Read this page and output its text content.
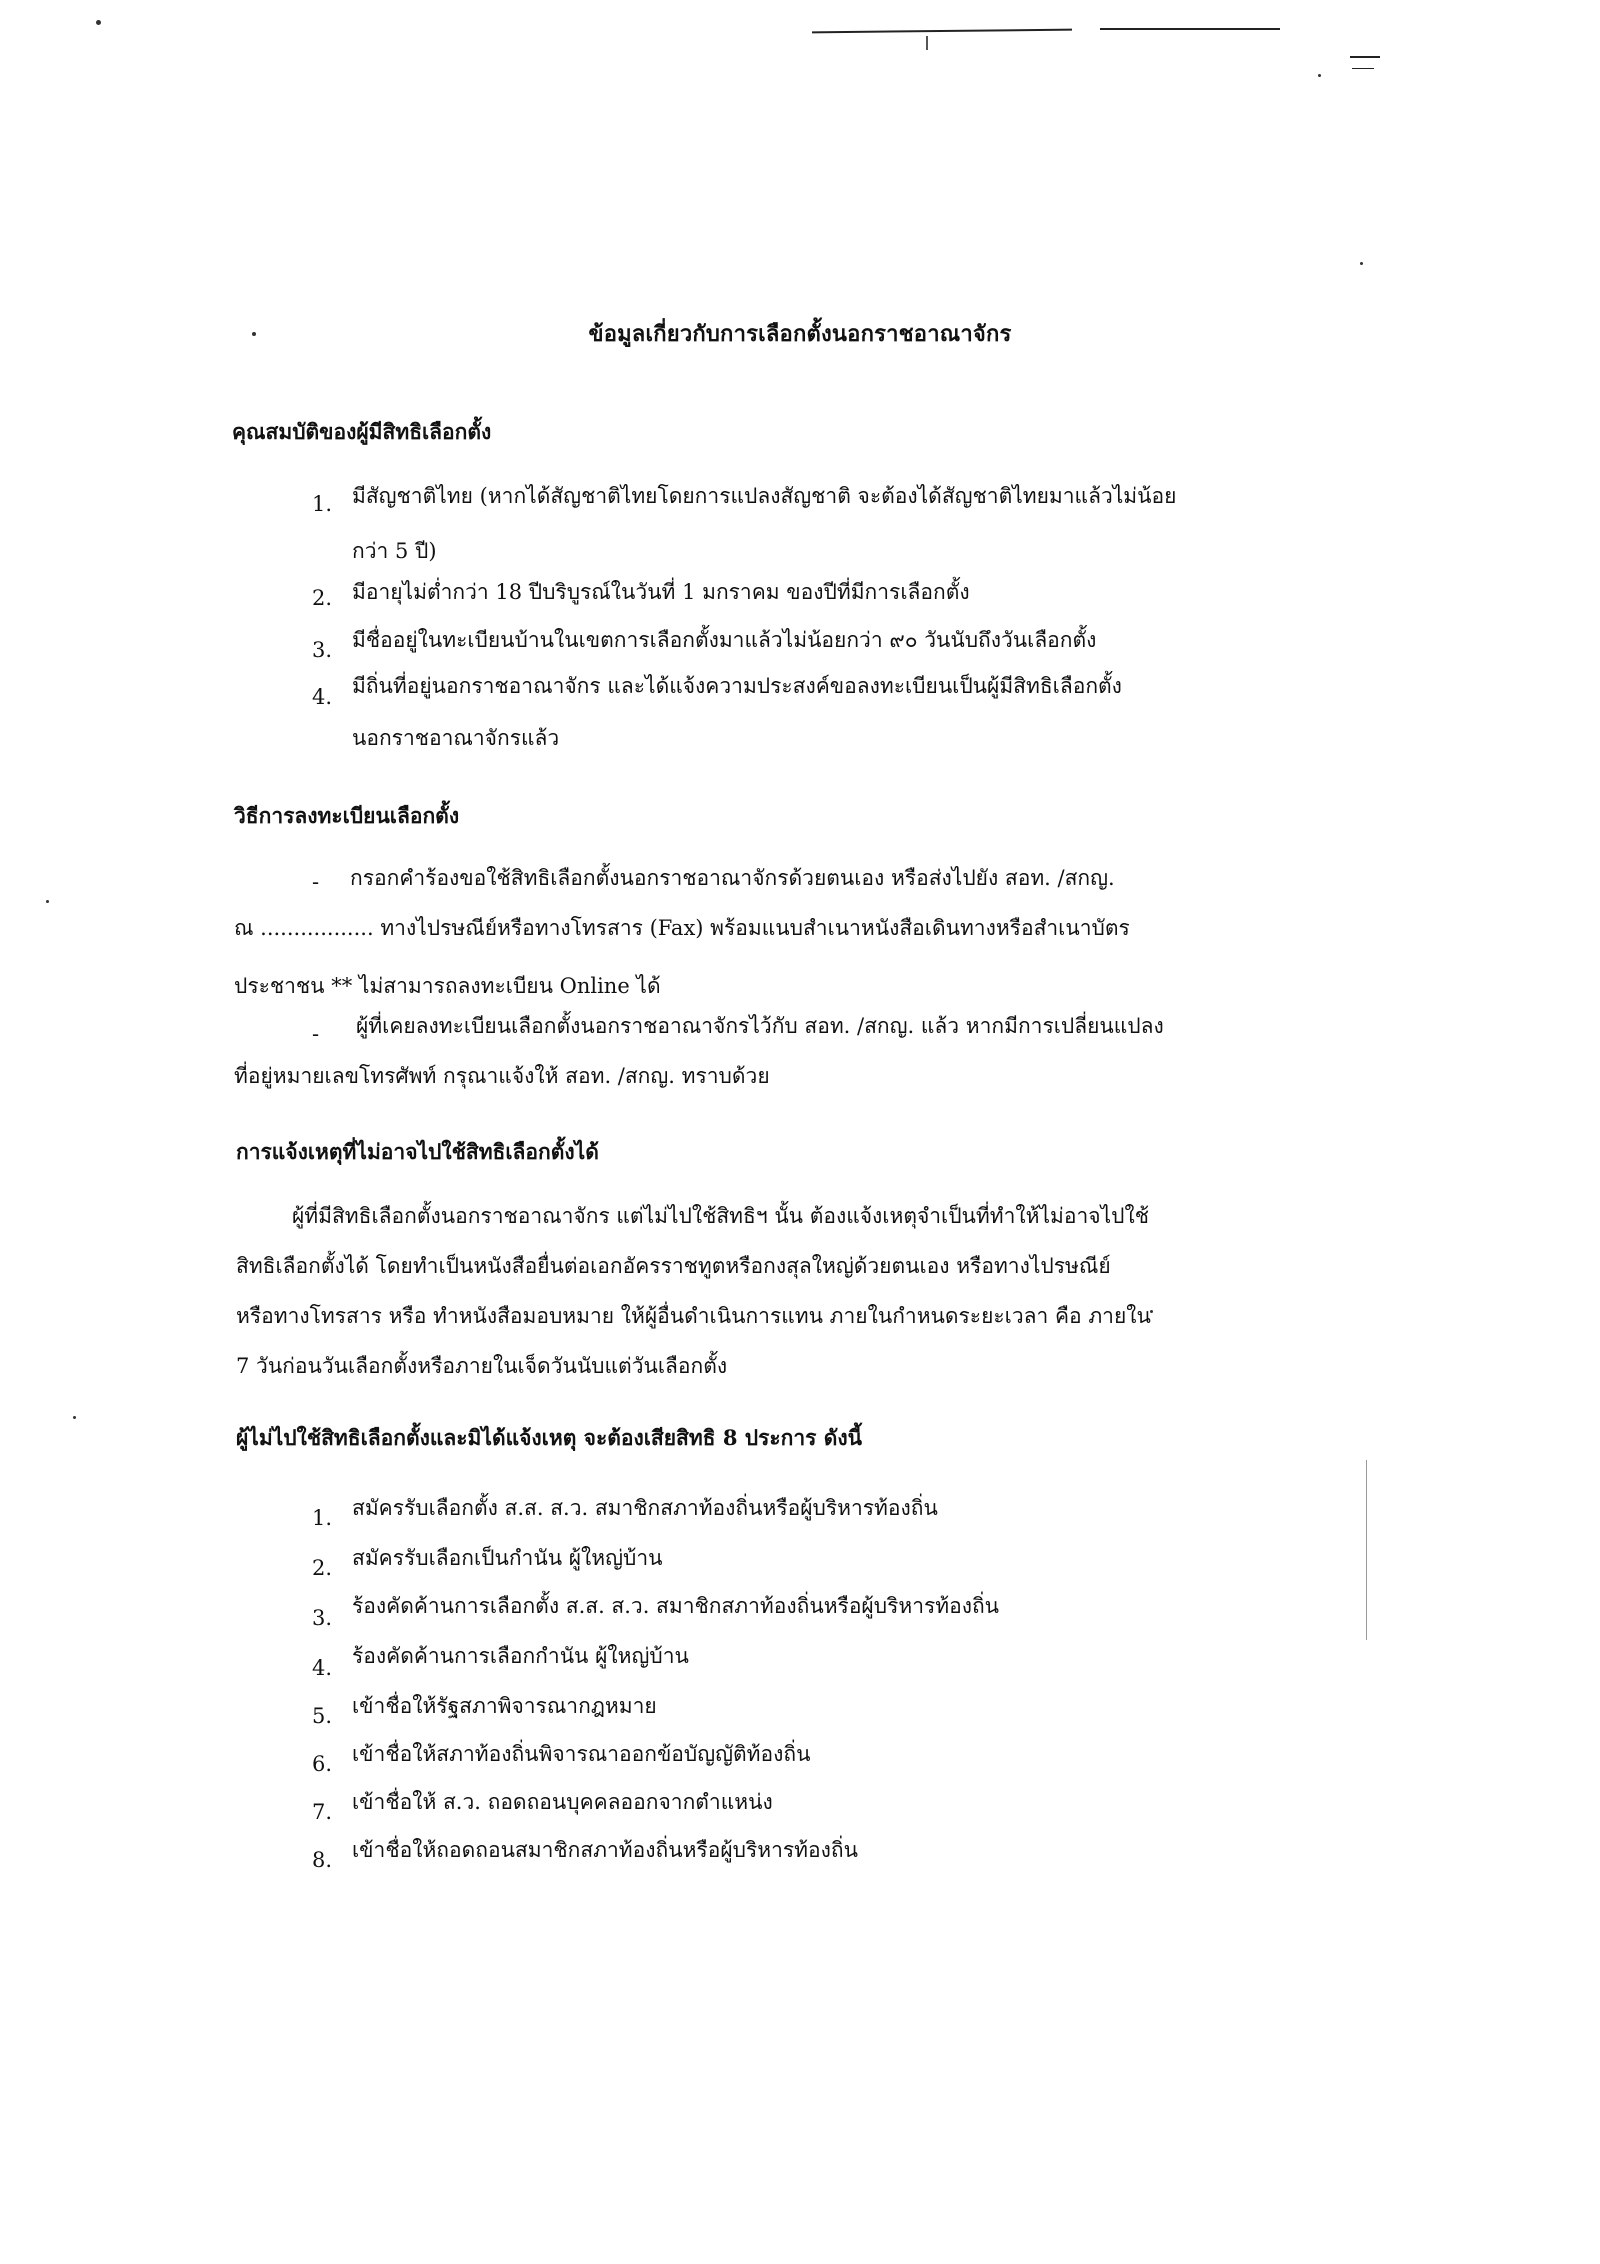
ข้อมูลเกี่ยวกับการเลือกตั้งนอกราชอาณาจักร
คุณสมบัติของผู้มีสิทธิเลือกตั้ง
1. มีสัญชาติไทย (หากได้สัญชาติไทยโดยการแปลงสัญชาติ จะต้องได้สัญชาติไทยมาแล้วไม่น้อย
กว่า 5 ปี)
2. มีอายุไม่ต่ำกว่า 18 ปีบริบูรณ์ในวันที่ 1 มกราคม ของปีที่มีการเลือกตั้ง
3. มีชื่ออยู่ในทะเบียนบ้านในเขตการเลือกตั้งมาแล้วไม่น้อยกว่า ๙๐ วันนับถึงวันเลือกตั้ง
4. มีถิ่นที่อยู่นอกราชอาณาจักร และได้แจ้งความประสงค์ขอลงทะเบียนเป็นผู้มีสิทธิเลือกตั้ง
นอกราชอาณาจักรแล้ว
วิธีการลงทะเบียนเลือกตั้ง
- กรอกคำร้องขอใช้สิทธิเลือกตั้งนอกราชอาณาจักรด้วยตนเอง หรือส่งไปยัง สอท. /สกญ.
ณ ................. ทางไปรษณีย์หรือทางโทรสาร (Fax) พร้อมแนบสำเนาหนังสือเดินทางหรือสำเนาบัตร
ประชาชน ** ไม่สามารถลงทะเบียน Online ได้
- ผู้ที่เคยลงทะเบียนเลือกตั้งนอกราชอาณาจักรไว้กับ สอท. /สกญ. แล้ว หากมีการเปลี่ยนแปลง
ที่อยู่หมายเลขโทรศัพท์ กรุณาแจ้งให้ สอท. /สกญ. ทราบด้วย
การแจ้งเหตุที่ไม่อาจไปใช้สิทธิเลือกตั้งได้
ผู้ที่มีสิทธิเลือกตั้งนอกราชอาณาจักร แต่ไม่ไปใช้สิทธิฯ นั้น ต้องแจ้งเหตุจำเป็นที่ทำให้ไม่อาจไปใช้
สิทธิเลือกตั้งได้ โดยทำเป็นหนังสือยื่นต่อเอกอัครราชทูตหรือกงสุลใหญ่ด้วยตนเอง หรือทางไปรษณีย์
หรือทางโทรสาร หรือ ทำหนังสือมอบหมาย ให้ผู้อื่นดำเนินการแทน ภายในกำหนดระยะเวลา คือ ภายใน
7 วันก่อนวันเลือกตั้งหรือภายในเจ็ดวันนับแต่วันเลือกตั้ง
ผู้ไม่ไปใช้สิทธิเลือกตั้งและมิได้แจ้งเหตุ จะต้องเสียสิทธิ 8 ประการ ดังนี้
1. สมัครรับเลือกตั้ง ส.ส. ส.ว. สมาชิกสภาท้องถิ่นหรือผู้บริหารท้องถิ่น
2. สมัครรับเลือกเป็นกำนัน ผู้ใหญ่บ้าน
3. ร้องคัดค้านการเลือกตั้ง ส.ส. ส.ว. สมาชิกสภาท้องถิ่นหรือผู้บริหารท้องถิ่น
4. ร้องคัดค้านการเลือกกำนัน ผู้ใหญ่บ้าน
5. เข้าชื่อให้รัฐสภาพิจารณากฎหมาย
6. เข้าชื่อให้สภาท้องถิ่นพิจารณาออกข้อบัญญัติท้องถิ่น
7. เข้าชื่อให้ ส.ว. ถอดถอนบุคคลออกจากตำแหน่ง
8. เข้าชื่อให้ถอดถอนสมาชิกสภาท้องถิ่นหรือผู้บริหารท้องถิ่น
